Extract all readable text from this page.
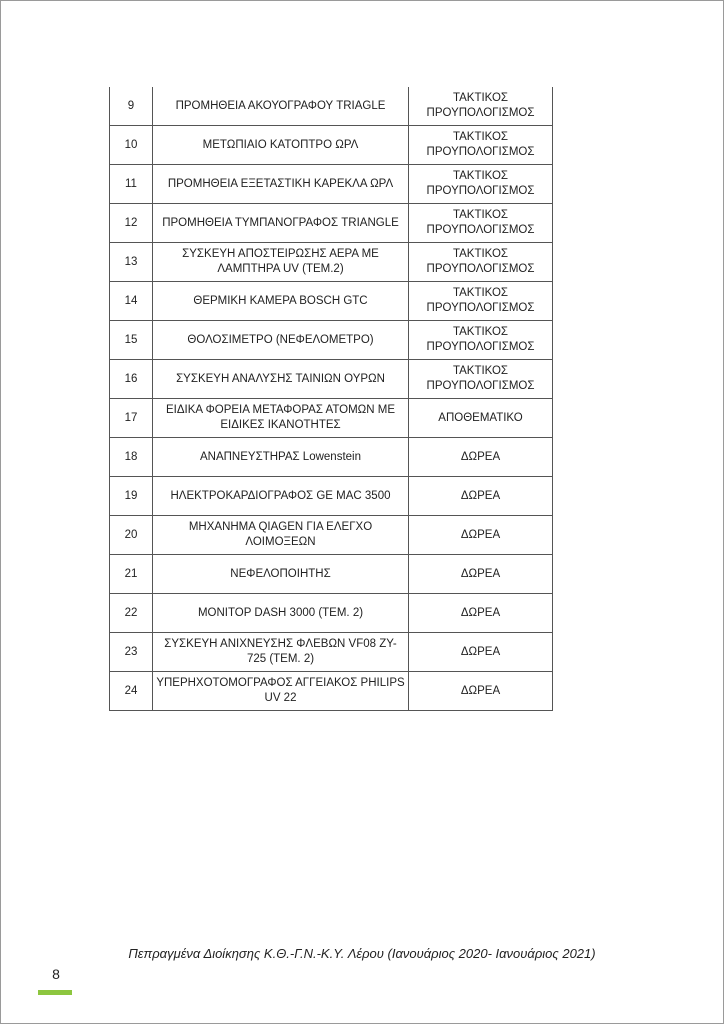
9	ΠΡΟΜΗΘΕΙΑ ΑΚΟΥΟΓΡΑΦΟΥ TRIAGLE	ΤΑΚΤΙΚΟΣ ΠΡΟΥΠΟΛΟΓΙΣΜΟΣ
10	ΜΕΤΩΠΙΑΙΟ ΚΑΤΟΠΤΡΟ ΩΡΛ	ΤΑΚΤΙΚΟΣ ΠΡΟΥΠΟΛΟΓΙΣΜΟΣ
11	ΠΡΟΜΗΘΕΙΑ ΕΞΕΤΑΣΤΙΚΗ ΚΑΡΕΚΛΑ ΩΡΛ	ΤΑΚΤΙΚΟΣ ΠΡΟΥΠΟΛΟΓΙΣΜΟΣ
12	ΠΡΟΜΗΘΕΙΑ ΤΥΜΠΑΝΟΓΡΑΦΟΣ TRIANGLE	ΤΑΚΤΙΚΟΣ ΠΡΟΥΠΟΛΟΓΙΣΜΟΣ
13	ΣΥΣΚΕΥΗ ΑΠΟΣΤΕΙΡΩΣΗΣ ΑΕΡΑ ΜΕ ΛΑΜΠΤΗΡΑ UV (ΤΕΜ.2)	ΤΑΚΤΙΚΟΣ ΠΡΟΥΠΟΛΟΓΙΣΜΟΣ
14	ΘΕΡΜΙΚΗ ΚΑΜΕΡΑ BOSCH GTC	ΤΑΚΤΙΚΟΣ ΠΡΟΥΠΟΛΟΓΙΣΜΟΣ
15	ΘΟΛΟΣΙΜΕΤΡΟ (ΝΕΦΕΛΟΜΕΤΡΟ)	ΤΑΚΤΙΚΟΣ ΠΡΟΥΠΟΛΟΓΙΣΜΟΣ
16	ΣΥΣΚΕΥΗ ΑΝΑΛΥΣΗΣ ΤΑΙΝΙΩΝ ΟΥΡΩΝ	ΤΑΚΤΙΚΟΣ ΠΡΟΥΠΟΛΟΓΙΣΜΟΣ
17	ΕΙΔΙΚΑ ΦΟΡΕΙΑ ΜΕΤΑΦΟΡΑΣ ΑΤΟΜΩΝ ΜΕ ΕΙΔΙΚΕΣ ΙΚΑΝΟΤΗΤΕΣ	ΑΠΟΘΕΜΑΤΙΚΟ
18	ΑΝΑΠΝΕΥΣΤΗΡΑΣ Lowenstein	ΔΩΡΕΑ
19	ΗΛΕΚΤΡΟΚΑΡΔΙΟΓΡΑΦΟΣ GE MAC 3500	ΔΩΡΕΑ
20	ΜΗΧΑΝΗΜΑ QIAGEN ΓΙΑ ΕΛΕΓΧΟ ΛΟΙΜΟΞΕΩΝ	ΔΩΡΕΑ
21	ΝΕΦΕΛΟΠΟΙΗΤΗΣ	ΔΩΡΕΑ
22	MONITOP DASH 3000 (ΤΕΜ. 2)	ΔΩΡΕΑ
23	ΣΥΣΚΕΥΗ ΑΝΙΧΝΕΥΣΗΣ ΦΛΕΒΩΝ VF08 ZY-725 (ΤΕΜ. 2)	ΔΩΡΕΑ
24	ΥΠΕΡΗΧΟΤΟΜΟΓΡΑΦΟΣ ΑΓΓΕΙΑΚΟΣ PHILIPS UV 22	ΔΩΡΕΑ
Πεπραγμένα Διοίκησης Κ.Θ.-Γ.Ν.-Κ.Υ. Λέρου (Ιανουάριος 2020- Ιανουάριος 2021)
8
